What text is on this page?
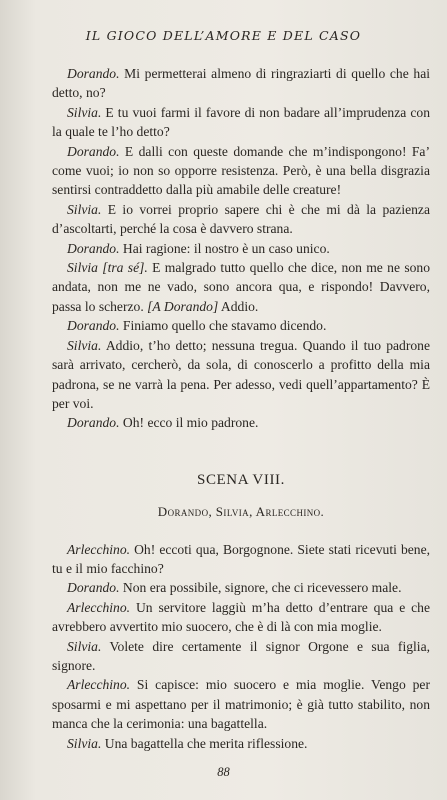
IL GIOCO DELL’AMORE E DEL CASO

Dorando. Mi permetterai almeno di ringraziarti di quello che hai detto, no?

Silvia. E tu vuoi farmi il favore di non badare all’imprudenza con la quale te l’ho detto?

Dorando. E dalli con queste domande che m’indispongono! Fa’ come vuoi; io non so opporre resistenza. Però, è una bella disgrazia sentirsi contraddetto dalla più amabile delle creature!

Silvia. E io vorrei proprio sapere chi è che mi dà la pazienza d’ascoltarti, perché la cosa è davvero strana.

Dorando. Hai ragione: il nostro è un caso unico.

Silvia [tra sé]. E malgrado tutto quello che dice, non me ne sono andata, non me ne vado, sono ancora qua, e rispondo! Davvero, passa lo scherzo. [A Dorando] Addio.

Dorando. Finiamo quello che stavamo dicendo.

Silvia. Addio, t’ho detto; nessuna tregua. Quando il tuo padrone sarà arrivato, cercherò, da sola, di conoscerlo a profitto della mia padrona, se ne varrà la pena. Per adesso, vedi quell’appartamento? È per voi.

Dorando. Oh! ecco il mio padrone.

SCENA VIII.
Dorando, Silvia, Arlecchino.

Arlecchino. Oh! eccoti qua, Borgognone. Siete stati ricevuti bene, tu e il mio facchino?

Dorando. Non era possibile, signore, che ci ricevessero male.

Arlecchino. Un servitore laggiù m’ha detto d’entrare qua e che avrebbero avvertito mio suocero, che è di là con mia moglie.

Silvia. Volete dire certamente il signor Orgone e sua figlia, signore.

Arlecchino. Si capisce: mio suocero e mia moglie. Vengo per sposarmi e mi aspettano per il matrimonio; è già tutto stabilito, non manca che la cerimonia: una bagattella.

Silvia. Una bagattella che merita riflessione.

88
